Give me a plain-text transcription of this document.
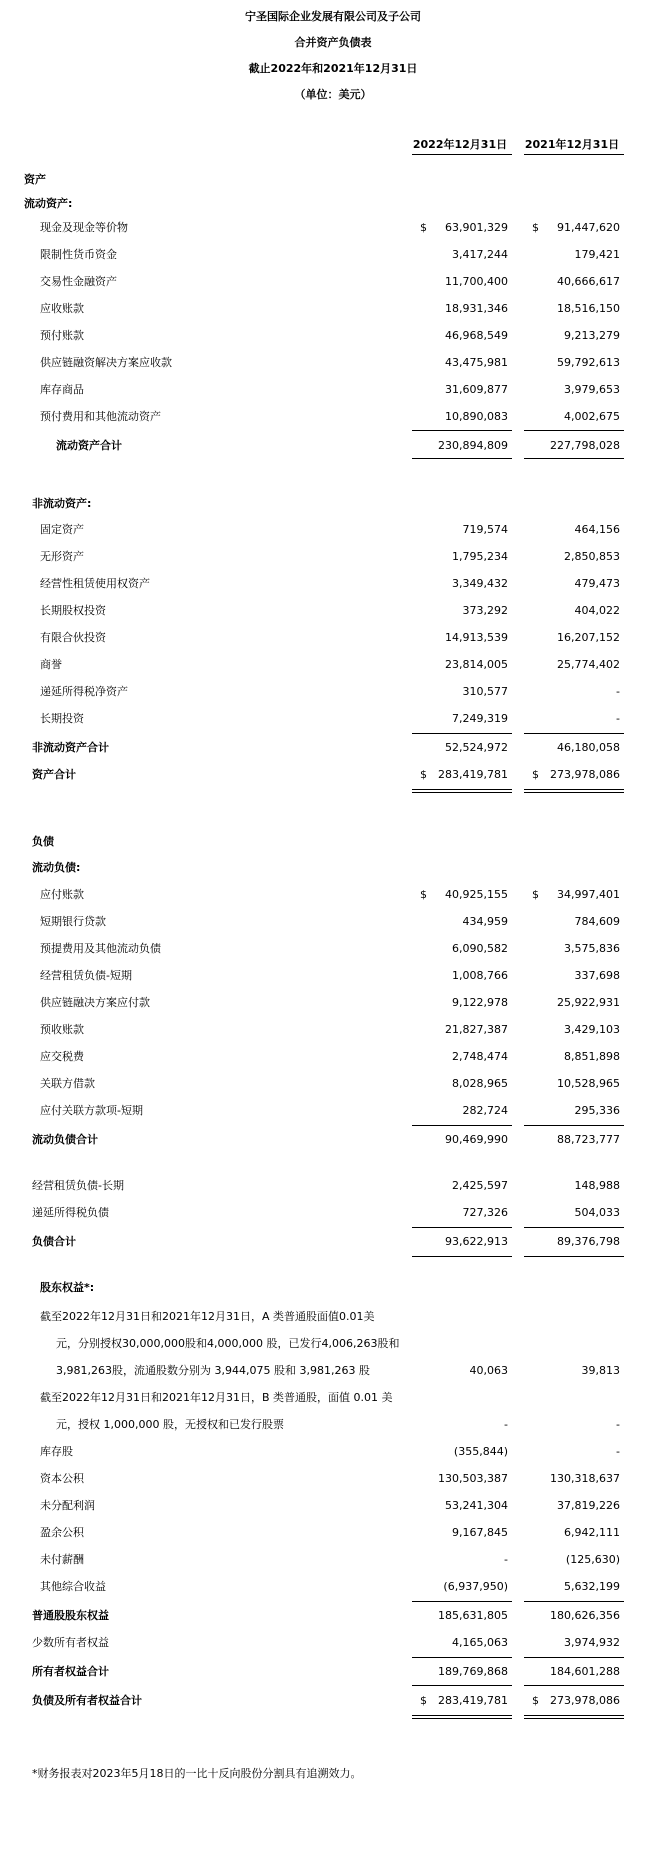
宁圣国际企业发展有限公司及子公司
合并资产负债表
截止2022年和2021年12月31日
（单位：美元）
2022年12月31日	2021年12月31日
资产
流动资产:
现金及现金等价物	$	63,901,329 $	91,447,620
限制性货币资金	3,417,244	179,421
交易性金融资产	11,700,400	40,666,617
应收账款	18,931,346	18,516,150
预付账款	46,968,549	9,213,279
供应链融资解决方案应收款	43,475,981	59,792,613
库存商品	31,609,877	3,979,653
预付费用和其他流动资产	10,890,083	4,002,675
流动资产合计	230,894,809	227,798,028
非流动资产:
固定资产	719,574	464,156
无形资产	1,795,234	2,850,853
经营性租赁使用权资产	3,349,432	479,473
长期股权投资	373,292	404,022
有限合伙投资	14,913,539	16,207,152
商誉	23,814,005	25,774,402
递延所得税净资产	310,577	-
长期投资	7,249,319	-
非流动资产合计	52,524,972	46,180,058
资产合计	$	283,419,781 $	273,978,086
负债
流动负债:
应付账款	$	40,925,155 $	34,997,401
短期银行贷款	434,959	784,609
预提费用及其他流动负债	6,090,582	3,575,836
经营租赁负债-短期	1,008,766	337,698
供应链融决方案应付款	9,122,978	25,922,931
预收账款	21,827,387	3,429,103
应交税费	2,748,474	8,851,898
关联方借款	8,028,965	10,528,965
应付关联方款项-短期	282,724	295,336
流动负债合计	90,469,990	88,723,777
经营租赁负债-长期	2,425,597	148,988
递延所得税负债	727,326	504,033
负债合计	93,622,913	89,376,798
股东权益*:
截至2022年12月31日和2021年12月31日，A 类普通股面值0.01美
元，分别授权30,000,000股和4,000,000 股，已发行4,006,263股和
3,981,263股，流通股数分别为 3,944,075 股和 3,981,263 股	40,063	39,813
截至2022年12月31日和2021年12月31日，B 类普通股，面值 0.01 美
元，授权 1,000,000 股，无授权和已发行股票	-	-
库存股	(355,844)	-
资本公积	130,503,387	130,318,637
未分配利润	53,241,304	37,819,226
盈余公积	9,167,845	6,942,111
未付薪酬	-	(125,630)
其他综合收益	(6,937,950)	5,632,199
普通股股东权益	185,631,805	180,626,356
少数所有者权益	4,165,063	3,974,932
所有者权益合计	189,769,868	184,601,288
负债及所有者权益合计	$	283,419,781 $	273,978,086
*财务报表对2023年5月18日的一比十反向股份分割具有追溯效力。
